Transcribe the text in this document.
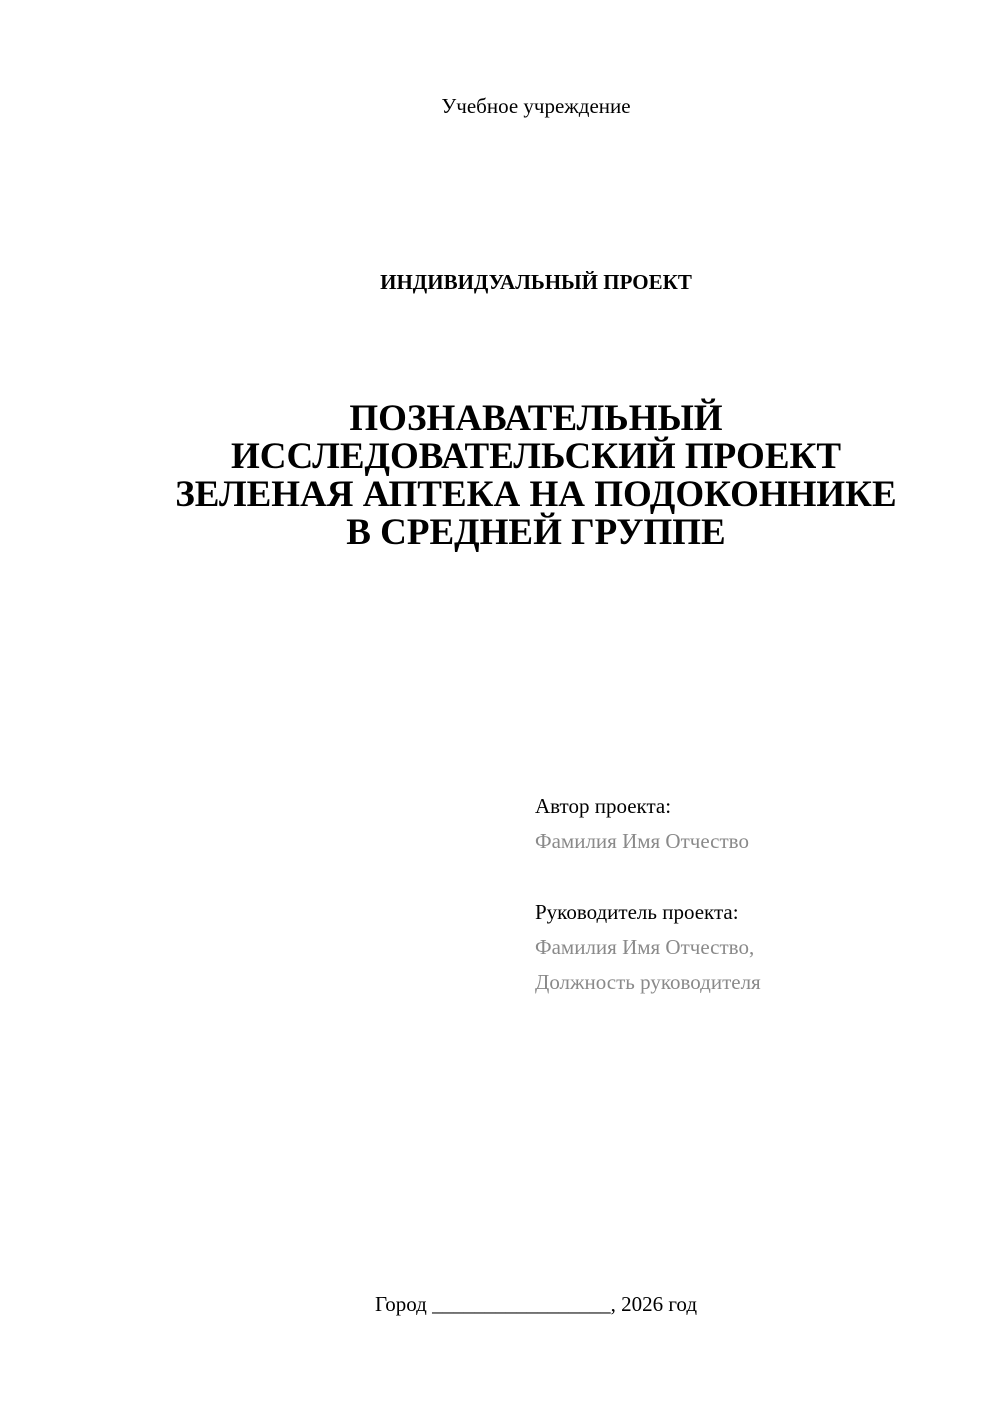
Учебное учреждение
ИНДИВИДУАЛЬНЫЙ ПРОЕКТ
ПОЗНАВАТЕЛЬНЫЙ
ИССЛЕДОВАТЕЛЬСКИЙ ПРОЕКТ
ЗЕЛЕНАЯ АПТЕКА НА ПОДОКОННИКЕ
В СРЕДНЕЙ ГРУППЕ
Автор проекта:
Фамилия Имя Отчество
Руководитель проекта:
Фамилия Имя Отчество,
Должность руководителя
Город _________________, 2026 год
